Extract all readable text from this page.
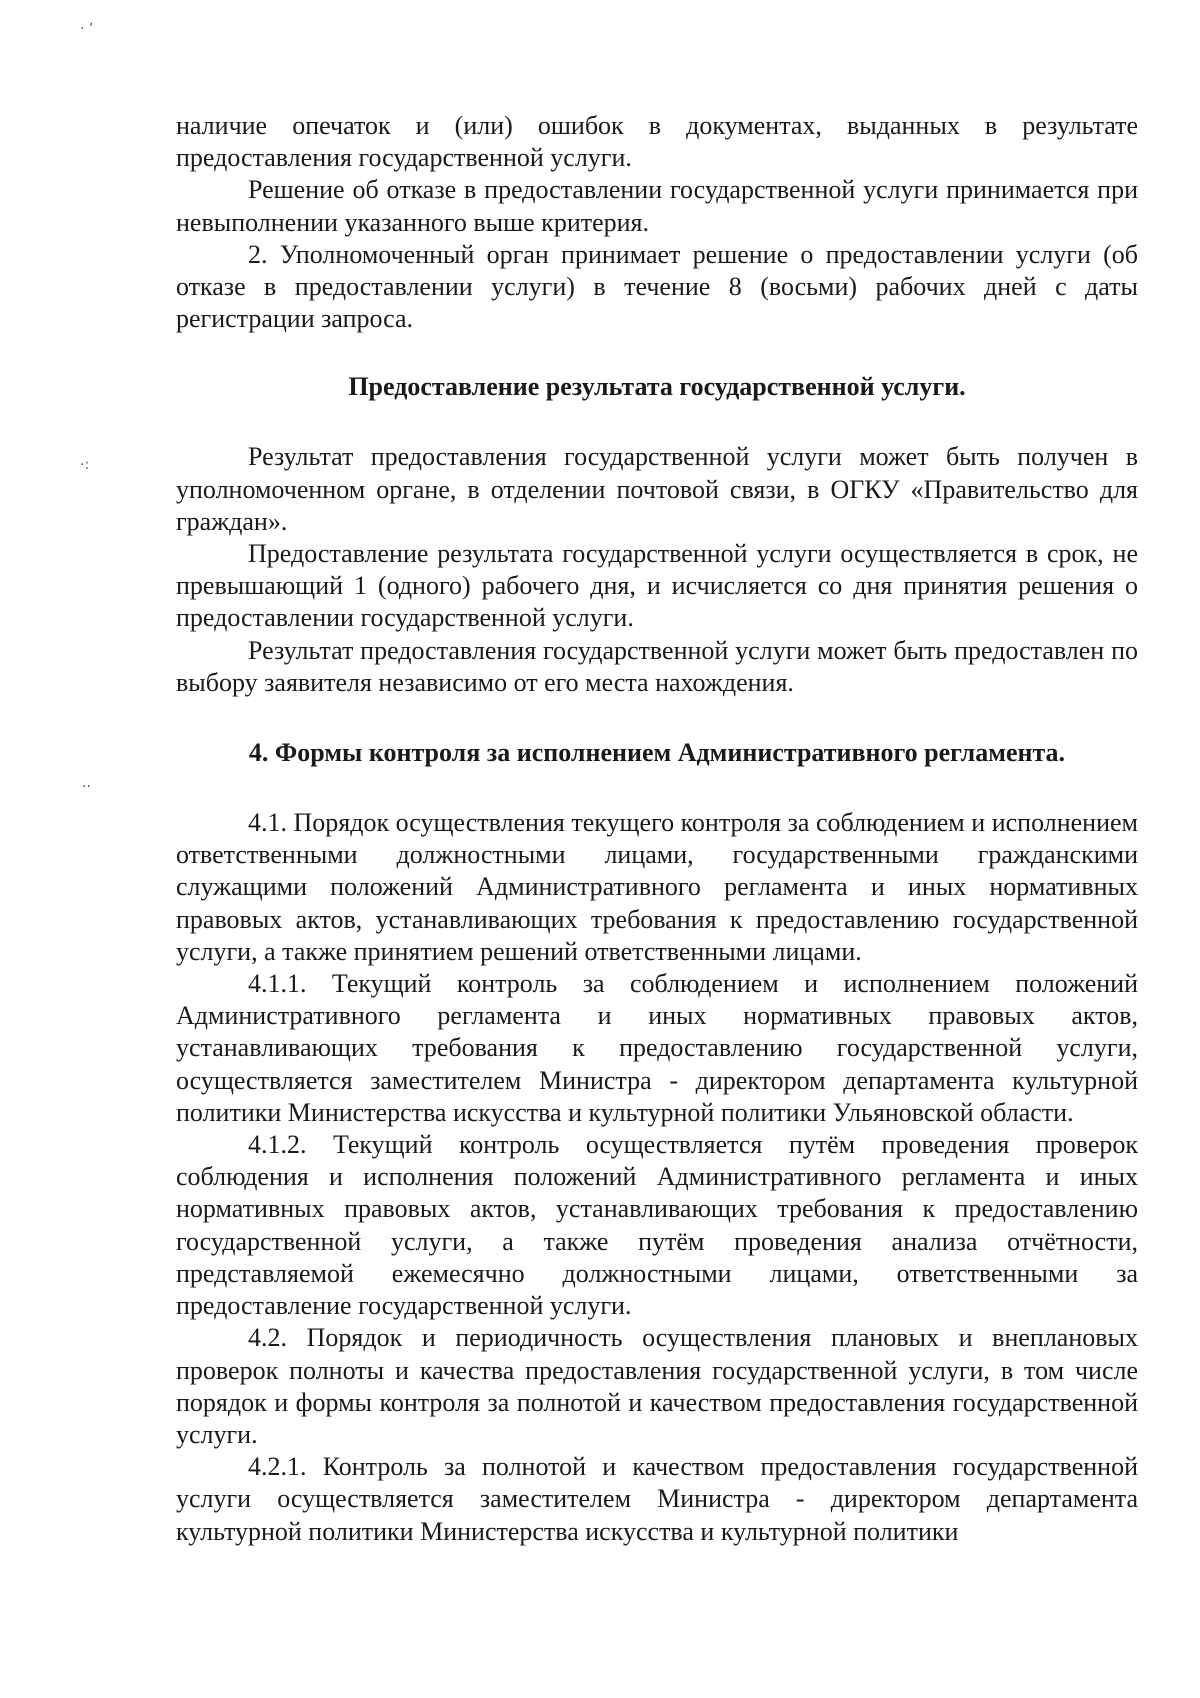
· ʼ
·:
··

наличие опечаток и (или) ошибок в документах, выданных в результате предоставления государственной услуги.

Решение об отказе в предоставлении государственной услуги принимается при невыполнении указанного выше критерия.

2. Уполномоченный орган принимает решение о предоставлении услуги (об отказе в предоставлении услуги) в течение 8 (восьми) рабочих дней с даты регистрации запроса.

Предоставление результата государственной услуги.

Результат предоставления государственной услуги может быть получен в уполномоченном органе, в отделении почтовой связи, в ОГКУ «Правительство для граждан».

Предоставление результата государственной услуги осуществляется в срок, не превышающий 1 (одного) рабочего дня, и исчисляется со дня принятия решения о предоставлении государственной услуги.

Результат предоставления государственной услуги может быть предоставлен по выбору заявителя независимо от его места нахождения.

4. Формы контроля за исполнением Административного регламента.

4.1. Порядок осуществления текущего контроля за соблюдением и исполнением ответственными должностными лицами, государственными гражданскими служащими положений Административного регламента и иных нормативных правовых актов, устанавливающих требования к предоставлению государственной услуги, а также принятием решений ответственными лицами.

4.1.1. Текущий контроль за соблюдением и исполнением положений Административного регламента и иных нормативных правовых актов, устанавливающих требования к предоставлению государственной услуги, осуществляется заместителем Министра - директором департамента культурной политики Министерства искусства и культурной политики Ульяновской области.

4.1.2. Текущий контроль осуществляется путём проведения проверок соблюдения и исполнения положений Административного регламента и иных нормативных правовых актов, устанавливающих требования к предоставлению государственной услуги, а также путём проведения анализа отчётности, представляемой ежемесячно должностными лицами, ответственными за предоставление государственной услуги.

4.2. Порядок и периодичность осуществления плановых и внеплановых проверок полноты и качества предоставления государственной услуги, в том числе порядок и формы контроля за полнотой и качеством предоставления государственной услуги.

4.2.1. Контроль за полнотой и качеством предоставления государственной услуги осуществляется заместителем Министра - директором департамента культурной политики Министерства искусства и культурной политики
